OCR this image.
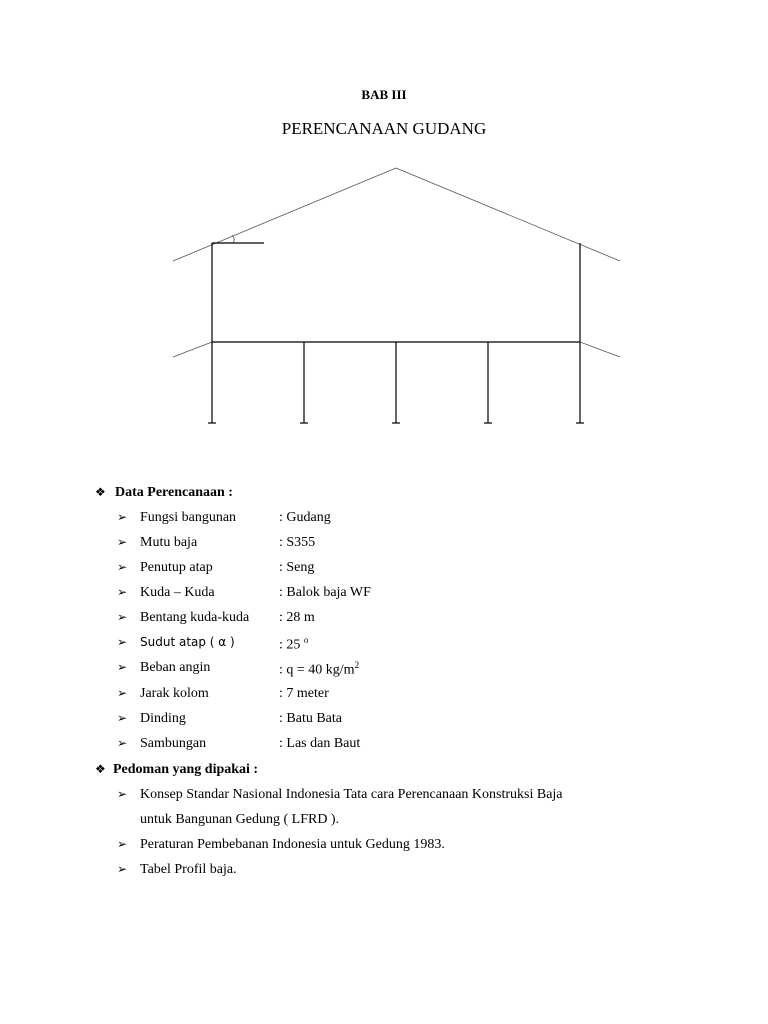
BAB III
PERENCANAAN GUDANG
❖ Data Perencanaan :
➢ Fungsi bangunan	: Gudang
➢ Mutu baja	: S355
➢ Penutup atap	: Seng
➢ Kuda – Kuda	: Balok baja WF
➢ Bentang kuda-kuda : 28 m
➢ Sudut atap ( α )	: 25 $^o$
➢ Beban angin	: q = 40 $kg/m^2$
➢ Jarak kolom	: 7 meter
➢ Dinding	: Batu Bata
➢ Sambungan	: Las dan Baut
❖ Pedoman yang dipakai :
➢ Konsep Standar Nasional Indonesia Tata cara Perencanaan Konstruksi Baja
untuk Bangunan Gedung ( LFRD ).
➢ Peraturan Pembebanan Indonesia untuk Gedung 1983.
➢ Tabel Profil baja.
